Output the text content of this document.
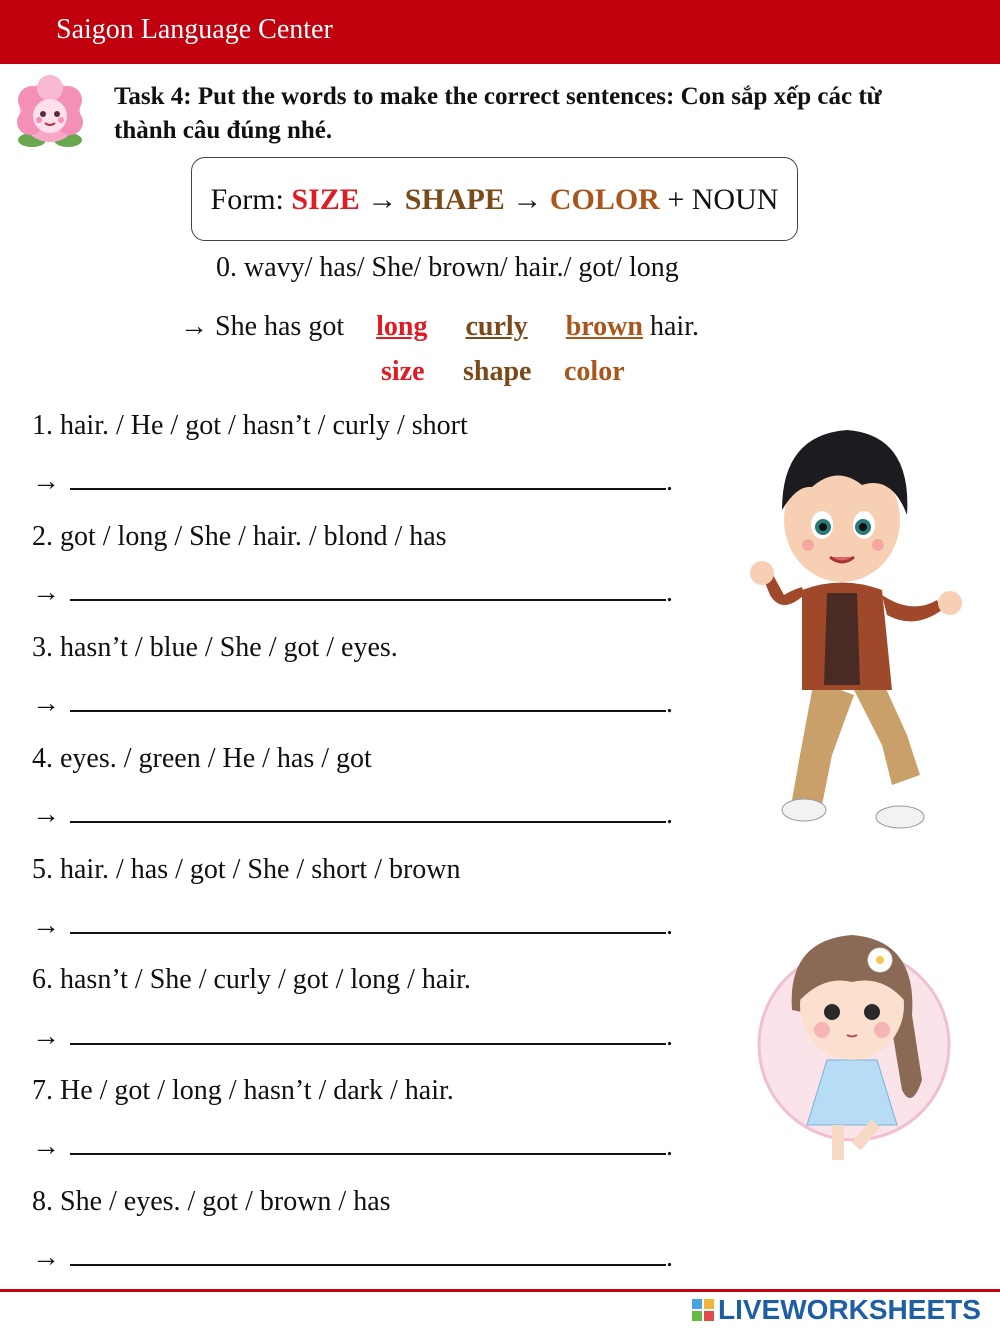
Saigon Language Center
Task 4: Put the words to make the correct sentences: Con sắp xếp các từ thành câu đúng nhé.
Form: SIZE → SHAPE → COLOR + NOUN
0. wavy/ has/ She/ brown/ hair./ got/ long
→ She has got long curly brown hair.
size shape color
1. hair. / He / got / hasn’t / curly / short
→	.
2. got / long / She / hair. / blond / has
→	.
3. hasn’t / blue / She / got / eyes.
→	.
4. eyes. / green / He / has / got
→	.
5. hair. / has / got / She / short / brown
→	.
6. hasn’t / She / curly / got / long / hair.
→	.
7. He / got / long / hasn’t / dark / hair.
→	.
8. She / eyes. / got / brown / has
→	.
LIVEWORKSHEETS
